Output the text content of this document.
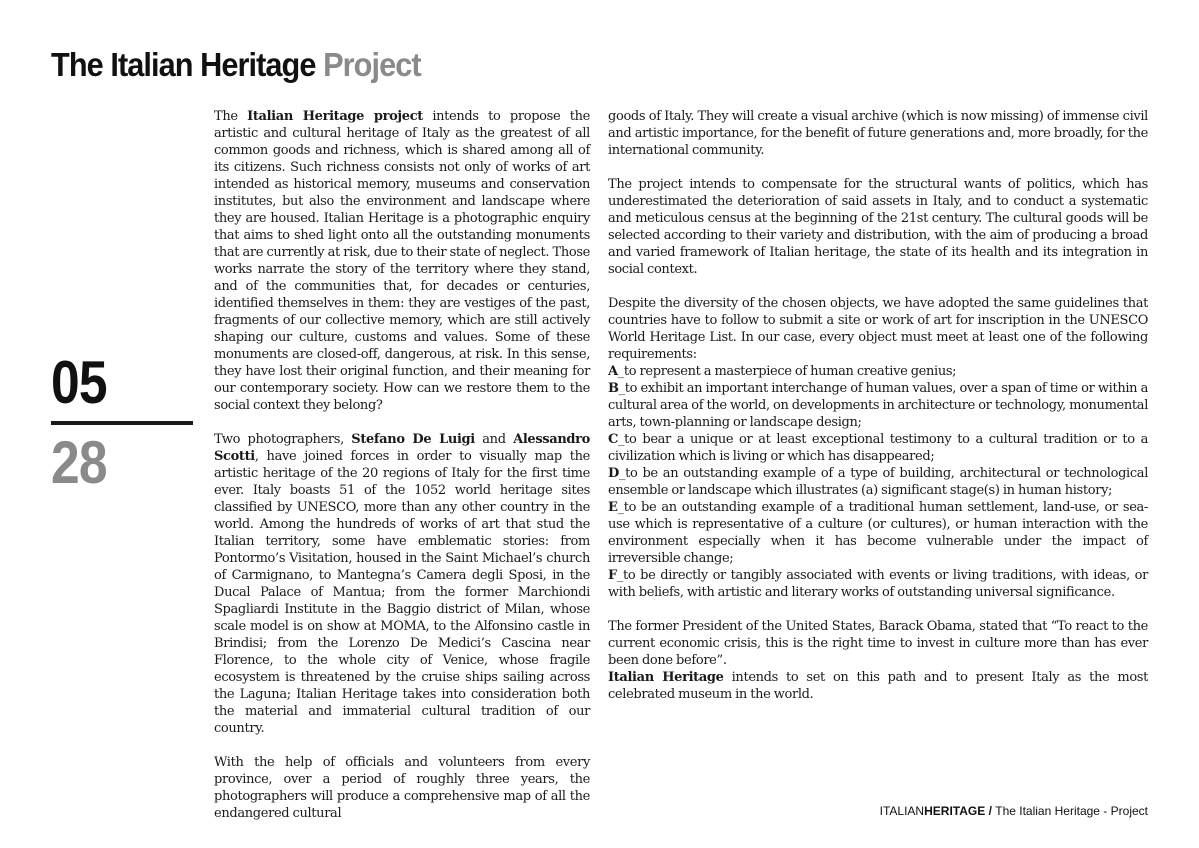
The Italian Heritage Project
05
28

The Italian Heritage project intends to propose the artistic and cultural heritage of Italy as the greatest of all common goods and richness, which is shared among all of its citizens. Such richness consists not only of works of art intended as historical memory, museums and conservation institutes, but also the environment and landscape where they are housed. Italian Heritage is a photographic enquiry that aims to shed light onto all the outstanding monuments that are currently at risk, due to their state of neglect. Those works narrate the story of the territory where they stand, and of the communities that, for decades or centuries, identified themselves in them: they are vestiges of the past, fragments of our collective memory, which are still actively shaping our culture, customs and values. Some of these monuments are closed-off, dangerous, at risk. In this sense, they have lost their original function, and their meaning for our contemporary society. How can we restore them to the social context they belong?

Two photographers, Stefano De Luigi and Alessandro Scotti, have joined forces in order to visually map the artistic heritage of the 20 regions of Italy for the first time ever. Italy boasts 51 of the 1052 world heritage sites classified by UNESCO, more than any other country in the world. Among the hundreds of works of art that stud the Italian territory, some have emblematic stories: from Pontormo’s Visitation, housed in the Saint Michael’s church of Carmignano, to Mantegna’s Camera degli Sposi, in the Ducal Palace of Mantua; from the former Marchiondi Spagliardi Institute in the Baggio district of Milan, whose scale model is on show at MOMA, to the Alfonsino castle in Brindisi; from the Lorenzo De Medici’s Cascina near Florence, to the whole city of Venice, whose fragile ecosystem is threatened by the cruise ships sailing across the Laguna; Italian Heritage takes into consideration both the material and immaterial cultural tradition of our country.

With the help of officials and volunteers from every province, over a period of roughly three years, the photographers will produce a comprehensive map of all the endangered cultural

goods of Italy. They will create a visual archive (which is now missing) of immense civil and artistic importance, for the benefit of future generations and, more broadly, for the international community.

The project intends to compensate for the structural wants of politics, which has underestimated the deterioration of said assets in Italy, and to conduct a systematic and meticulous census at the beginning of the 21st century. The cultural goods will be selected according to their variety and distribution, with the aim of producing a broad and varied framework of Italian heritage, the state of its health and its integration in social context.

Despite the diversity of the chosen objects, we have adopted the same guidelines that countries have to follow to submit a site or work of art for inscription in the UNESCO World Heritage List. In our case, every object must meet at least one of the following requirements:

A_to represent a masterpiece of human creative genius;
B_to exhibit an important interchange of human values, over a span of time or within a cultural area of the world, on developments in architecture or technology, monumental arts, town-planning or landscape design;
C_to bear a unique or at least exceptional testimony to a cultural tradition or to a civilization which is living or which has disappeared;
D_to be an outstanding example of a type of building, architectural or technological ensemble or landscape which illustrates (a) significant stage(s) in human history;
E_to be an outstanding example of a traditional human settlement, land-use, or sea-use which is representative of a culture (or cultures), or human interaction with the environment especially when it has become vulnerable under the impact of irreversible change;
F_to be directly or tangibly associated with events or living traditions, with ideas, or with beliefs, with artistic and literary works of outstanding universal significance.

The former President of the United States, Barack Obama, stated that “To react to the current economic crisis, this is the right time to invest in culture more than has ever been done before”.

Italian Heritage intends to set on this path and to present Italy as the most celebrated museum in the world.

ITALIANHERITAGE / The Italian Heritage - Project
